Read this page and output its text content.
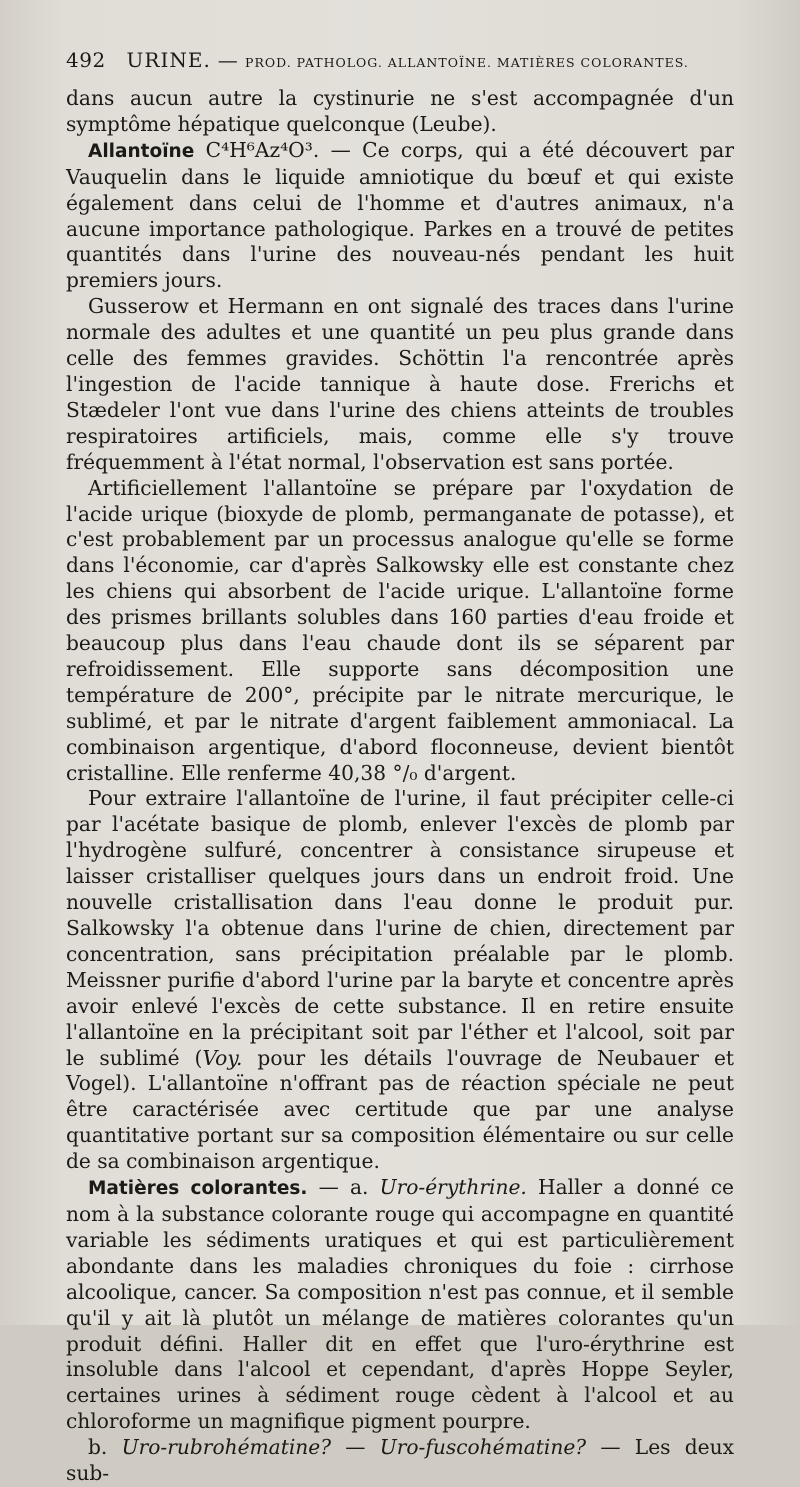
492 URINE. — PROD. PATHOLOG. ALLANTOÏNE. MATIÈRES COLORANTES.

dans aucun autre la cystinurie ne s'est accompagnée d'un symptôme hépatique quelconque (Leube).

Allantoïne C⁴H⁶Az⁴O³. — Ce corps, qui a été découvert par Vauquelin dans le liquide amniotique du bœuf et qui existe également dans celui de l'homme et d'autres animaux, n'a aucune importance pathologique. Parkes en a trouvé de petites quantités dans l'urine des nouveau-nés pendant les huit premiers jours.

Gusserow et Hermann en ont signalé des traces dans l'urine normale des adultes et une quantité un peu plus grande dans celle des femmes gravides. Schöttin l'a rencontrée après l'ingestion de l'acide tannique à haute dose. Frerichs et Stædeler l'ont vue dans l'urine des chiens atteints de troubles respiratoires artificiels, mais, comme elle s'y trouve fréquemment à l'état normal, l'observation est sans portée.

Artificiellement l'allantoïne se prépare par l'oxydation de l'acide urique (bioxyde de plomb, permanganate de potasse), et c'est probablement par un processus analogue qu'elle se forme dans l'économie, car d'après Salkowsky elle est constante chez les chiens qui absorbent de l'acide urique. L'allantoïne forme des prismes brillants solubles dans 160 parties d'eau froide et beaucoup plus dans l'eau chaude dont ils se séparent par refroidissement. Elle supporte sans décomposition une température de 200°, précipite par le nitrate mercurique, le sublimé, et par le nitrate d'argent faiblement ammoniacal. La combinaison argentique, d'abord floconneuse, devient bientôt cristalline. Elle renferme 40,38 °/₀ d'argent.

Pour extraire l'allantoïne de l'urine, il faut précipiter celle-ci par l'acétate basique de plomb, enlever l'excès de plomb par l'hydrogène sulfuré, concentrer à consistance sirupeuse et laisser cristalliser quelques jours dans un endroit froid. Une nouvelle cristallisation dans l'eau donne le produit pur. Salkowsky l'a obtenue dans l'urine de chien, directement par concentration, sans précipitation préalable par le plomb. Meissner purifie d'abord l'urine par la baryte et concentre après avoir enlevé l'excès de cette substance. Il en retire ensuite l'allantoïne en la précipitant soit par l'éther et l'alcool, soit par le sublimé (Voy. pour les détails l'ouvrage de Neubauer et Vogel). L'allantoïne n'offrant pas de réaction spéciale ne peut être caractérisée avec certitude que par une analyse quantitative portant sur sa composition élémentaire ou sur celle de sa combinaison argentique.

Matières colorantes. — a. Uro-érythrine. Haller a donné ce nom à la substance colorante rouge qui accompagne en quantité variable les sédiments uratiques et qui est particulièrement abondante dans les maladies chroniques du foie : cirrhose alcoolique, cancer. Sa composition n'est pas connue, et il semble qu'il y ait là plutôt un mélange de matières colorantes qu'un produit défini. Haller dit en effet que l'uro-érythrine est insoluble dans l'alcool et cependant, d'après Hoppe Seyler, certaines urines à sédiment rouge cèdent à l'alcool et au chloroforme un magnifique pigment pourpre.

b. Uro-rubrohématine? — Uro-fuscohématine? — Les deux sub-
